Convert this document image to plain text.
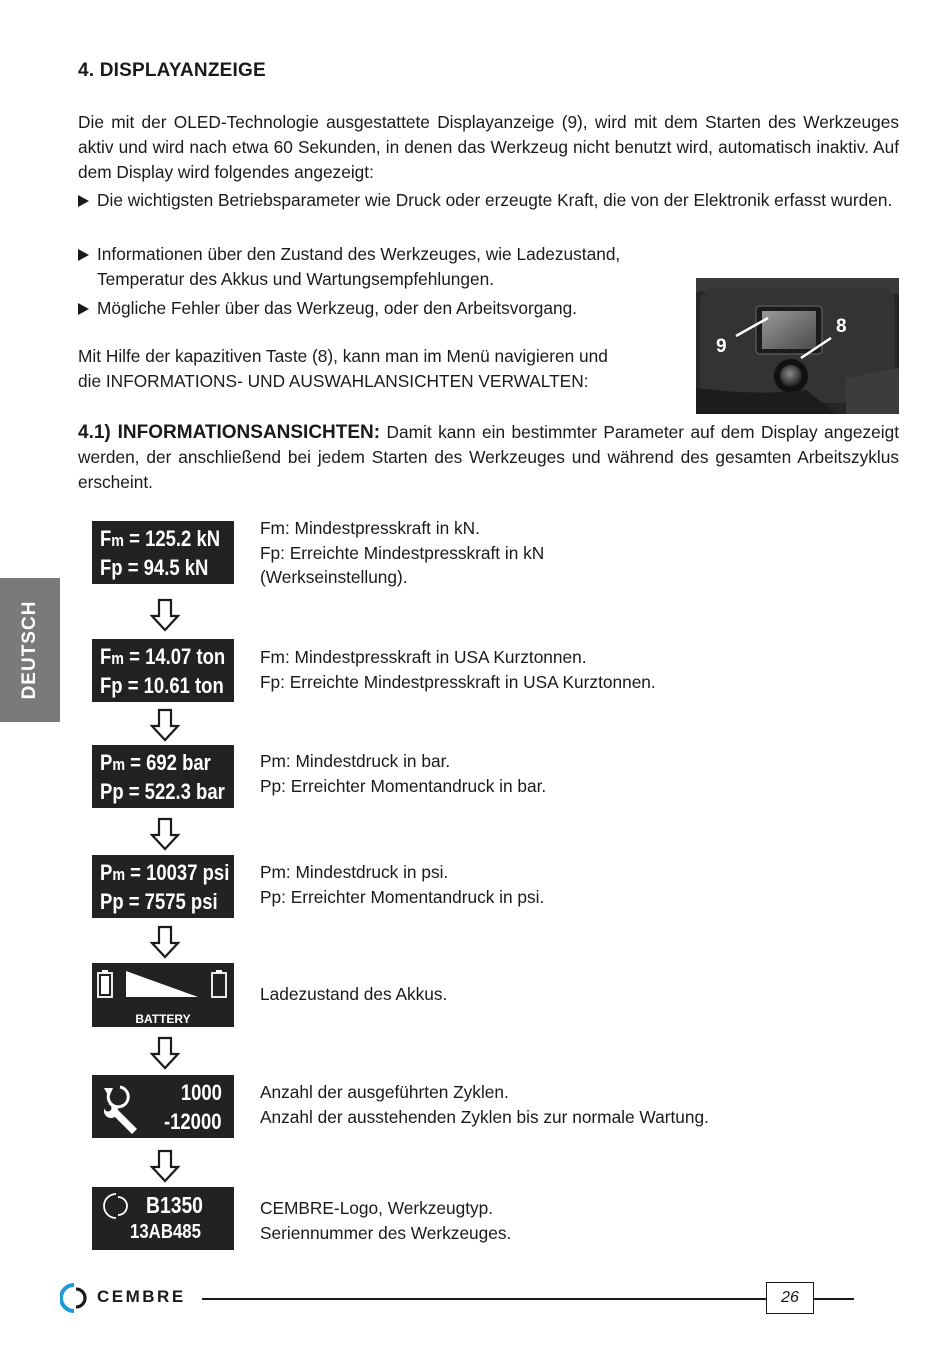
4. DISPLAYANZEIGE
Die mit der OLED-Technologie ausgestattete Displayanzeige (9), wird mit dem Starten des Werkzeuges aktiv und wird nach etwa 60 Sekunden, in denen das Werkzeug nicht benutzt wird, automatisch inaktiv. Auf dem Display wird folgendes angezeigt:
Die wichtigsten Betriebsparameter wie Druck oder erzeugte Kraft, die von der Elektronik erfasst wurden.
Informationen über den Zustand des Werkzeuges, wie Ladezustand, Temperatur des Akkus und Wartungsempfehlungen.
Mögliche Fehler über das Werkzeug, oder den Arbeitsvorgang.
9
8
Mit Hilfe der kapazitiven Taste (8), kann man im Menü navigieren und
die INFORMATIONS- UND AUSWAHLANSICHTEN VERWALTEN:
4.1) INFORMATIONSANSICHTEN: Damit kann ein bestimmter Parameter auf dem Display angezeigt werden, der anschließend bei jedem Starten des Werkzeuges und während des gesamten Arbeitszyklus erscheint.
DEUTSCH
Fm = 125.2 kN
Fp = 94.5 kN
Fm: Mindestpresskraft in kN.
Fp: Erreichte Mindestpresskraft in kN
(Werkseinstellung).
Fm = 14.07 ton
Fp = 10.61 ton
Fm: Mindestpresskraft in USA Kurztonnen.
Fp: Erreichte Mindestpresskraft in USA Kurztonnen.
Pm = 692 bar
Pp = 522.3 bar
Pm: Mindestdruck in bar.
Pp: Erreichter Momentandruck in bar.
Pm = 10037 psi
Pp = 7575 psi
Pm: Mindestdruck in psi.
Pp: Erreichter Momentandruck in psi.
BATTERY
Ladezustand des Akkus.
1000
-12000
Anzahl der ausgeführten Zyklen.
Anzahl der ausstehenden Zyklen bis zur normale Wartung.
B1350
13AB485
CEMBRE-Logo, Werkzeugtyp.
Seriennummer des Werkzeuges.
CEMBRE	26
